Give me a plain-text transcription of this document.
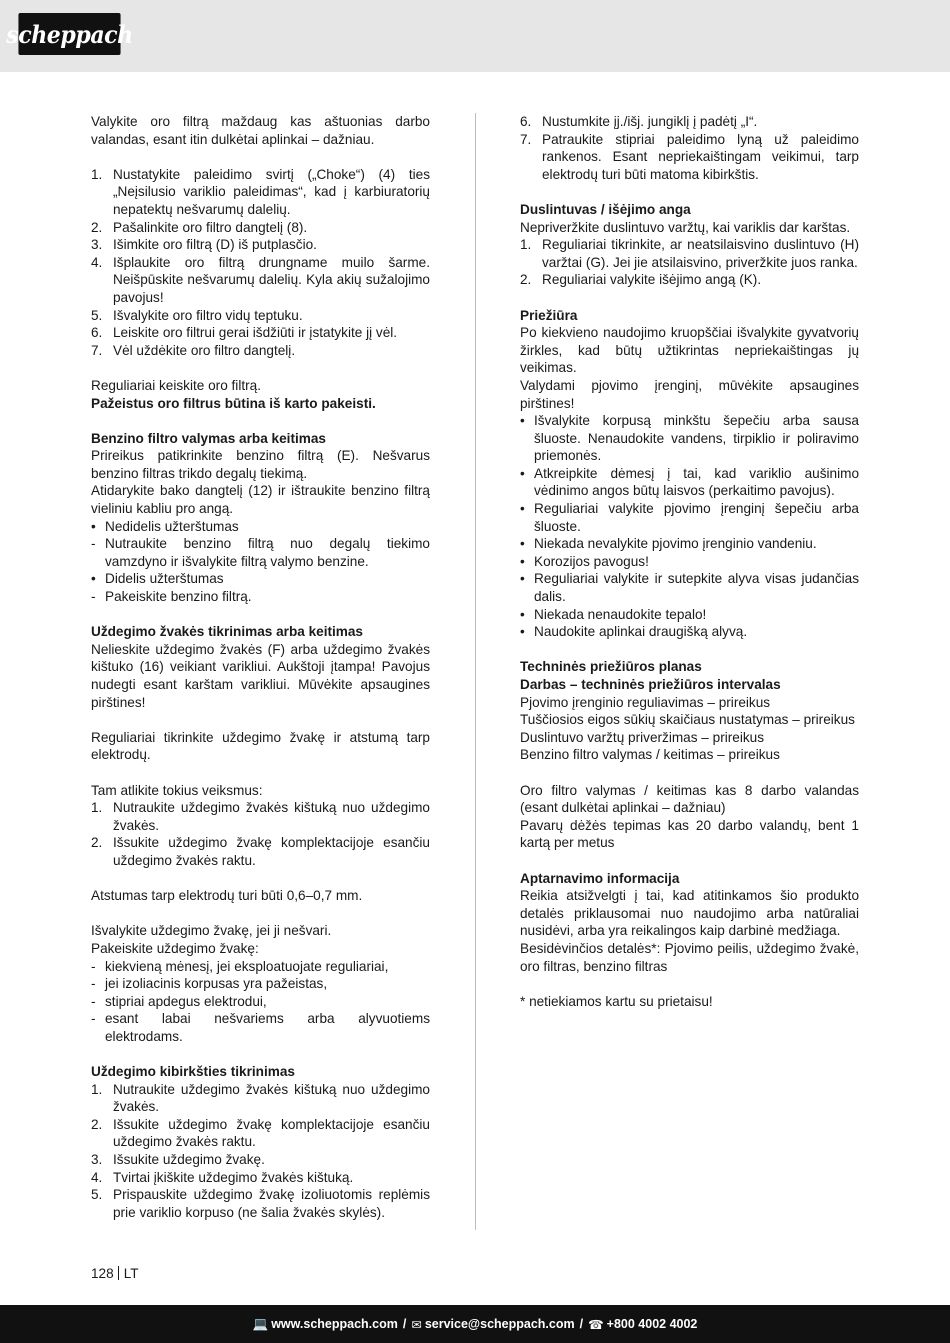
scheppach

Valykite oro filtrą maždaug kas aštuonias darbo valandas, esant itin dulkėtai aplinkai – dažniau.

1. Nustatykite paleidimo svirtį („Choke“) (4) ties „Neįsilusio variklio paleidimas“, kad į karbiuratorių nepatektų nešvarumų dalelių.
2. Pašalinkite oro filtro dangtelį (8).
3. Išimkite oro filtrą (D) iš putplasčio.
4. Išplaukite oro filtrą drungname muilo šarme. Neišpūskite nešvarumų dalelių. Kyla akių sužalojimo pavojus!
5. Išvalykite oro filtro vidų teptuku.
6. Leiskite oro filtrui gerai išdžiūti ir įstatykite jį vėl.
7. Vėl uždėkite oro filtro dangtelį.

Reguliariai keiskite oro filtrą.

Pažeistus oro filtrus būtina iš karto pakeisti.

Benzino filtro valymas arba keitimas

Prireikus patikrinkite benzino filtrą (E). Nešvarus benzino filtras trikdo degalų tiekimą.

Atidarykite bako dangtelį (12) ir ištraukite benzino filtrą vieliniu kabliu pro angą.

• Nedidelis užterštumas
- Nutraukite benzino filtrą nuo degalų tiekimo vamzdyno ir išvalykite filtrą valymo benzine.
• Didelis užterštumas
- Pakeiskite benzino filtrą.

Uždegimo žvakės tikrinimas arba keitimas

Nelieskite uždegimo žvakės (F) arba uždegimo žvakės kištuko (16) veikiant varikliui. Aukštoji įtampa! Pavojus nudegti esant karštam varikliui. Mūvėkite apsaugines pirštines!

Reguliariai tikrinkite uždegimo žvakę ir atstumą tarp elektrodų.

Tam atlikite tokius veiksmus:

1. Nutraukite uždegimo žvakės kištuką nuo uždegimo žvakės.
2. Išsukite uždegimo žvakę komplektacijoje esančiu uždegimo žvakės raktu.

Atstumas tarp elektrodų turi būti 0,6–0,7 mm.

Išvalykite uždegimo žvakę, jei ji nešvari.

Pakeiskite uždegimo žvakę:

- kiekvieną mėnesį, jei eksploatuojate reguliariai,
- jei izoliacinis korpusas yra pažeistas,
- stipriai apdegus elektrodui,
- esant labai nešvariems arba alyvuotiems elektrodams.

Uždegimo kibirkšties tikrinimas

1. Nutraukite uždegimo žvakės kištuką nuo uždegimo žvakės.
2. Išsukite uždegimo žvakę komplektacijoje esančiu uždegimo žvakės raktu.
3. Išsukite uždegimo žvakę.
4. Tvirtai įkiškite uždegimo žvakės kištuką.
5. Prispauskite uždegimo žvakę izoliuotomis replėmis prie variklio korpuso (ne šalia žvakės skylės).
6. Nustumkite įj./išj. jungiklį į padėtį „I“.
7. Patraukite stipriai paleidimo lyną už paleidimo rankenos. Esant nepriekaištingam veikimui, tarp elektrodų turi būti matoma kibirkštis.

Duslintuvas / išėjimo anga

Nepriveržkite duslintuvo varžtų, kai variklis dar karštas.

1. Reguliariai tikrinkite, ar neatsilaisvino duslintuvo (H) varžtai (G). Jei jie atsilaisvino, priveržkite juos ranka.
2. Reguliariai valykite išėjimo angą (K).

Priežiūra

Po kiekvieno naudojimo kruopščiai išvalykite gyvatvorių žirkles, kad būtų užtikrintas nepriekaištingas jų veikimas.

Valydami pjovimo įrenginį, mūvėkite apsaugines pirštines!

• Išvalykite korpusą minkštu šepečiu arba sausa šluoste. Nenaudokite vandens, tirpiklio ir poliravimo priemonės.
• Atkreipkite dėmesį į tai, kad variklio aušinimo vėdinimo angos būtų laisvos (perkaitimo pavojus).
• Reguliariai valykite pjovimo įrenginį šepečiu arba šluoste.
• Niekada nevalykite pjovimo įrenginio vandeniu.
• Korozijos pavogus!
• Reguliariai valykite ir sutepkite alyva visas judančias dalis.
• Niekada nenaudokite tepalo!
• Naudokite aplinkai draugišką alyvą.

Techninės priežiūros planas

Darbas – techninės priežiūros intervalas

Pjovimo įrenginio reguliavimas – prireikus

Tuščiosios eigos sūkių skaičiaus nustatymas – prireikus

Duslintuvo varžtų priveržimas – prireikus

Benzino filtro valymas / keitimas – prireikus

Oro filtro valymas / keitimas kas 8 darbo valandas (esant dulkėtai aplinkai – dažniau)

Pavarų dėžės tepimas kas 20 darbo valandų, bent 1 kartą per metus

Aptarnavimo informacija

Reikia atsižvelgti į tai, kad atitinkamos šio produkto detalės priklausomai nuo naudojimo arba natūraliai nusidėvi, arba yra reikalingos kaip darbinė medžiaga.

Besidėvinčios detalės*: Pjovimo peilis, uždegimo žvakė, oro filtras, benzino filtras

* netiekiamos kartu su prietaisu!

128 LT
💻 www.scheppach.com / ✉ service@scheppach.com / ☎ +800 4002 4002
